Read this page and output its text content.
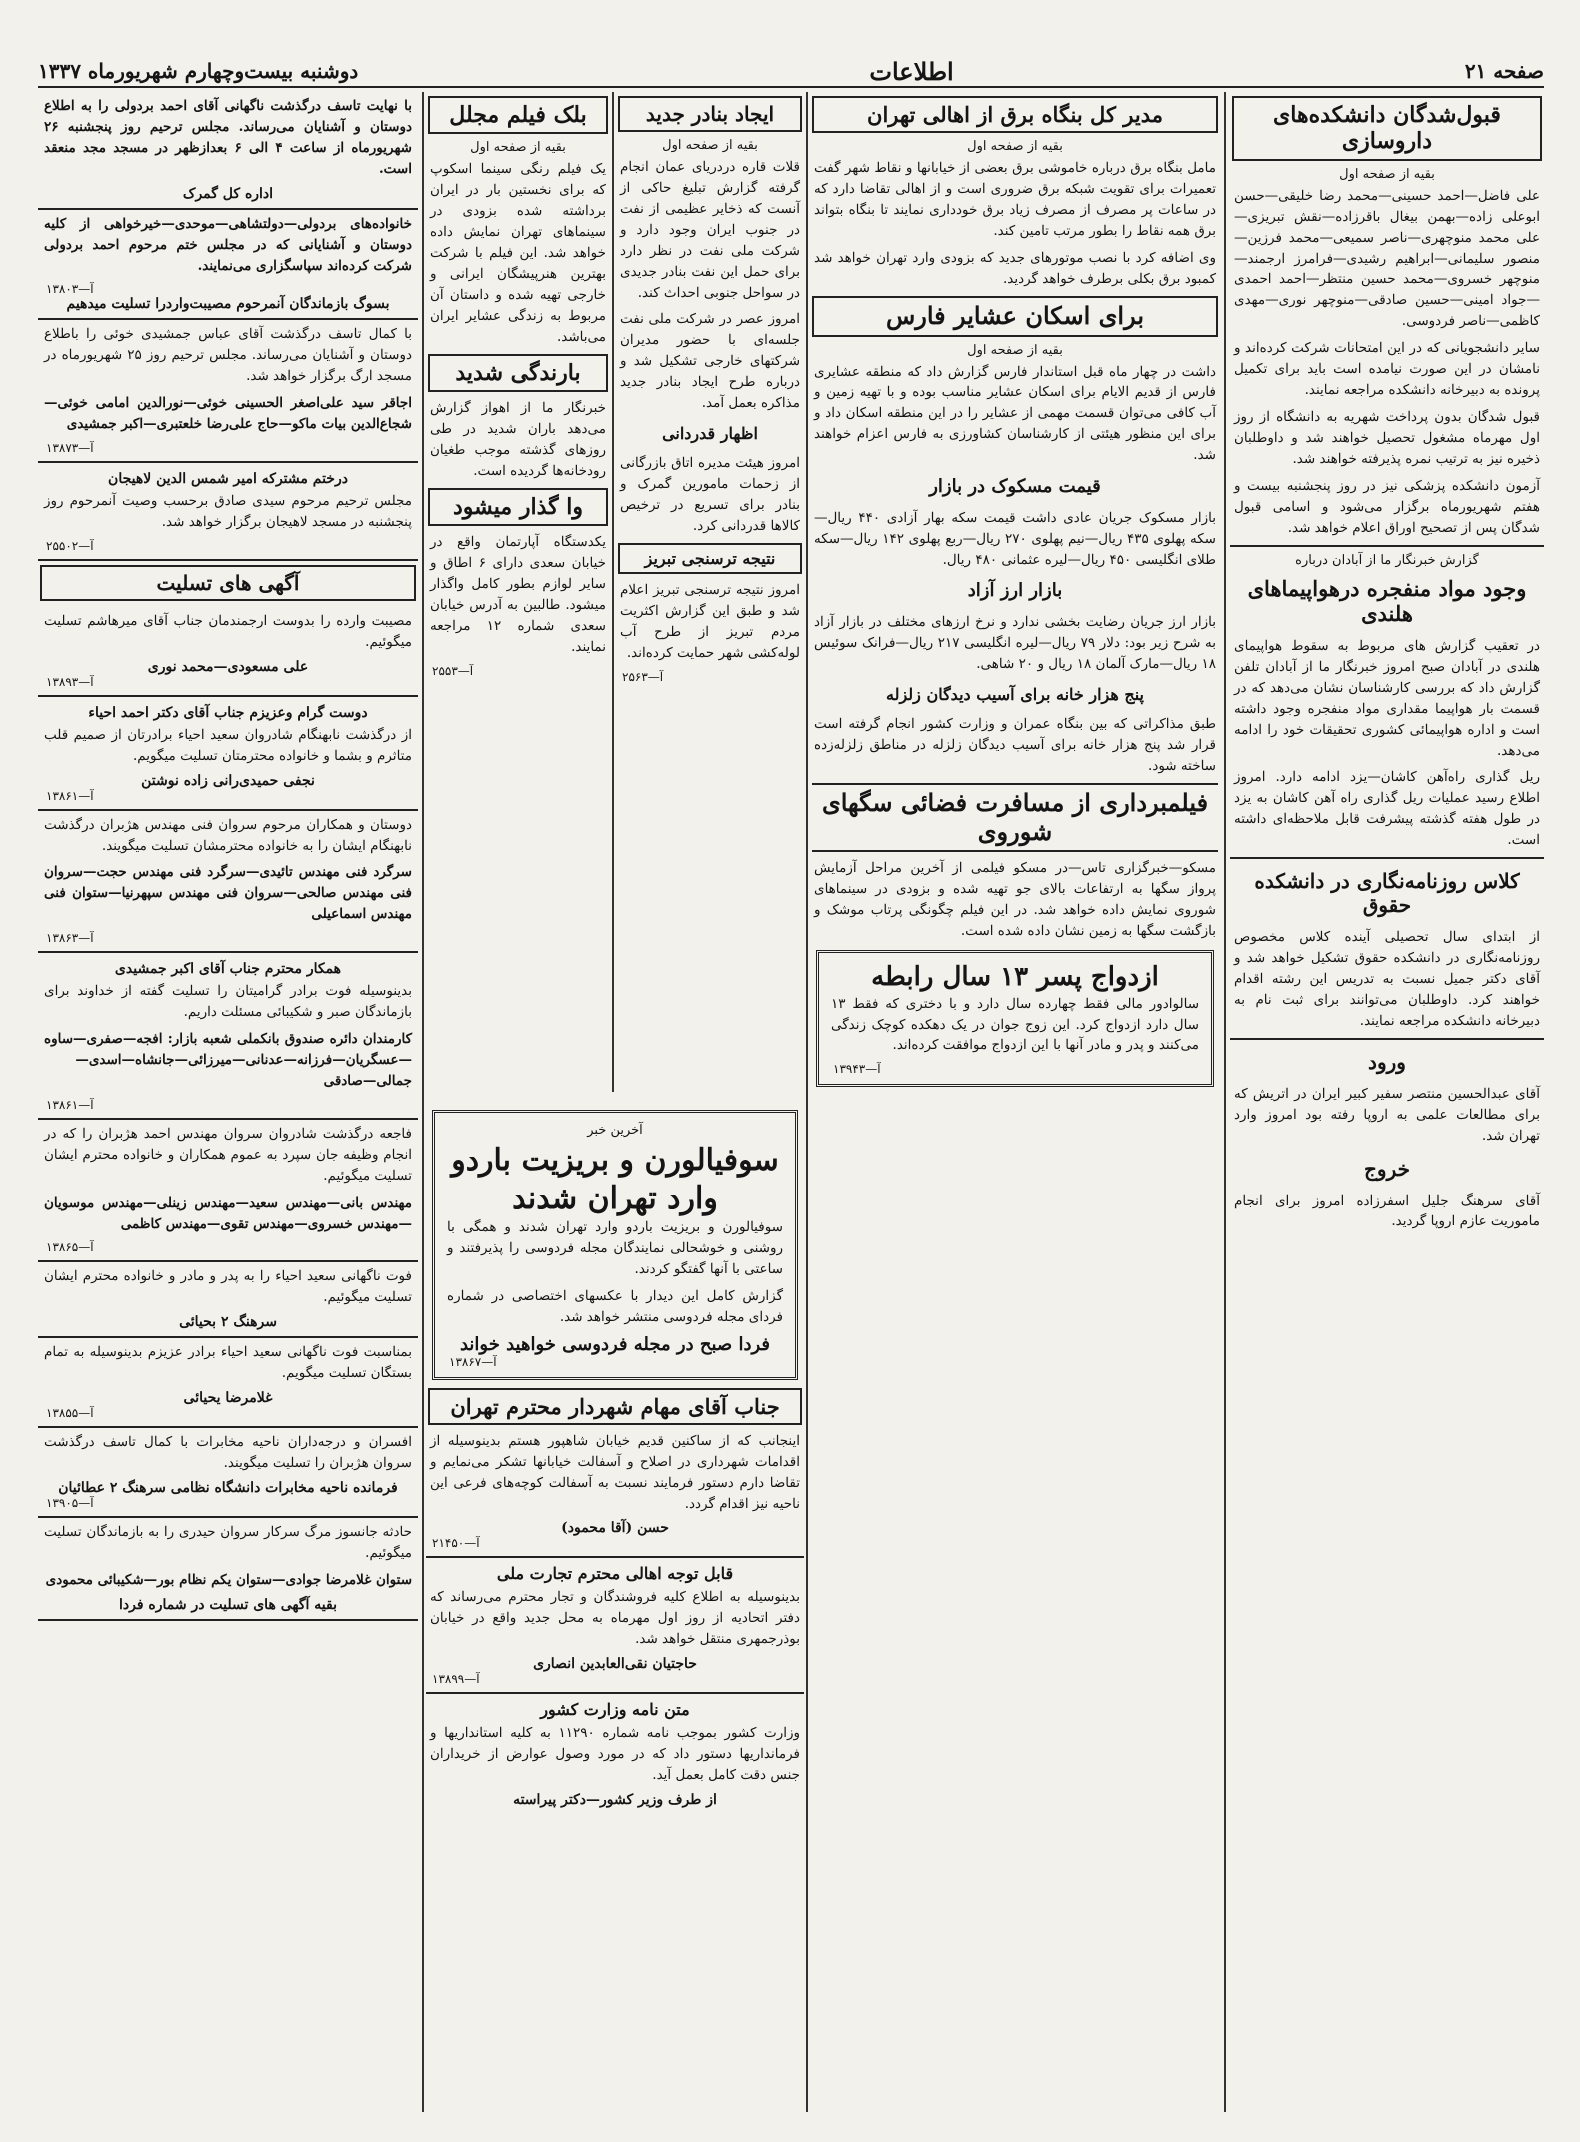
صفحه ۲۱
اطلاعات
دوشنبه بیست‌وچهارم شهریورماه ۱۳۳۷
قبول‌شدگان دانشکده‌های داروسازی
بقیه از صفحه اول

علی فاضل—احمد حسینی—محمد رضا خلیقی—حسن ابوعلی زاده—بهمن بیغال باقرزاده—نقش تبریزی—علی محمد منوچهری—ناصر سمیعی—محمد فرزین—منصور سلیمانی—ابراهیم رشیدی—فرامرز ارجمند—منوچهر خسروی—محمد حسین منتظر—احمد احمدی—جواد امینی—حسین صادقی—منوچهر نوری—مهدی کاظمی—ناصر فردوسی.

سایر دانشجویانی که در این امتحانات شرکت کرده‌اند و نامشان در این صورت نیامده است باید برای تکمیل پرونده به دبیرخانه دانشکده مراجعه نمایند.

قبول شدگان بدون پرداخت شهریه به دانشگاه از روز اول مهرماه مشغول تحصیل خواهند شد و داوطلبان ذخیره نیز به ترتیب نمره پذیرفته خواهند شد.

آزمون دانشکده پزشکی نیز در روز پنجشنبه بیست و هفتم شهریورماه برگزار می‌شود و اسامی قبول شدگان پس از تصحیح اوراق اعلام خواهد شد.

گزارش خبرنگار ما از آبادان درباره
وجود مواد منفجره درهواپیماهای هلندی

در تعقیب گزارش های مربوط به سقوط هواپیمای هلندی در آبادان صبح امروز خبرنگار ما از آبادان تلفن گزارش داد که بررسی کارشناسان نشان می‌دهد که در قسمت بار هواپیما مقداری مواد منفجره وجود داشته است و اداره هواپیمائی کشوری تحقیقات خود را ادامه می‌دهد.

ریل گذاری راه‌آهن کاشان—یزد ادامه دارد. امروز اطلاع رسید عملیات ریل گذاری راه آهن کاشان به یزد در طول هفته گذشته پیشرفت قابل ملاحظه‌ای داشته است.

کلاس روزنامه‌نگاری در دانشکده حقوق

از ابتدای سال تحصیلی آینده کلاس مخصوص روزنامه‌نگاری در دانشکده حقوق تشکیل خواهد شد و آقای دکتر جمیل نسبت به تدریس این رشته اقدام خواهند کرد. داوطلبان می‌توانند برای ثبت نام به دبیرخانه دانشکده مراجعه نمایند.

ورود

آقای عبدالحسین منتصر سفیر کبیر ایران در اتریش که برای مطالعات علمی به اروپا رفته بود امروز وارد تهران شد.

خروج

آقای سرهنگ جلیل اسفرزاده امروز برای انجام ماموریت عازم اروپا گردید.

مدیر کل بنگاه برق از اهالی تهران
بقیه از صفحه اول

مامل بنگاه برق درباره خاموشی برق بعضی از خیابانها و نقاط شهر گفت تعمیرات برای تقویت شبکه برق ضروری است و از اهالی تقاضا دارد که در ساعات پر مصرف از مصرف زیاد برق خودداری نمایند تا بنگاه بتواند برق همه نقاط را بطور مرتب تامین کند.

وی اضافه کرد با نصب موتورهای جدید که بزودی وارد تهران خواهد شد کمبود برق بکلی برطرف خواهد گردید.

برای اسکان عشایر فارس
بقیه از صفحه اول

داشت در چهار ماه قبل استاندار فارس گزارش داد که منطقه عشایری فارس از قدیم الایام برای اسکان عشایر مناسب بوده و با تهیه زمین و آب کافی می‌توان قسمت مهمی از عشایر را در این منطقه اسکان داد و برای این منظور هیئتی از کارشناسان کشاورزی به فارس اعزام خواهند شد.

قیمت مسکوک در بازار

بازار مسکوک جریان عادی داشت قیمت سکه بهار آزادی ۴۴۰ ریال—سکه پهلوی ۴۳۵ ریال—نیم پهلوی ۲۷۰ ریال—ربع پهلوی ۱۴۲ ریال—سکه طلای انگلیسی ۴۵۰ ریال—لیره عثمانی ۴۸۰ ریال.

بازار ارز آزاد

بازار ارز جریان رضایت بخشی ندارد و نرخ ارزهای مختلف در بازار آزاد به شرح زیر بود: دلار ۷۹ ریال—لیره انگلیسی ۲۱۷ ریال—فرانک سوئیس ۱۸ ریال—مارک آلمان ۱۸ ریال و ۲۰ شاهی.

پنج هزار خانه برای آسیب دیدگان زلزله

طبق مذاکراتی که بین بنگاه عمران و وزارت کشور انجام گرفته است قرار شد پنج هزار خانه برای آسیب دیدگان زلزله در مناطق زلزله‌زده ساخته شود.

فیلمبرداری از مسافرت فضائی سگهای شوروی

مسکو—خبرگزاری تاس—در مسکو فیلمی از آخرین مراحل آزمایش پرواز سگها به ارتفاعات بالای جو تهیه شده و بزودی در سینماهای شوروی نمایش داده خواهد شد. در این فیلم چگونگی پرتاب موشک و بازگشت سگها به زمین نشان داده شده است.

ازدواج پسر ۱۳ سال رابطه

سالوادور مالی فقط چهارده سال دارد و با دختری که فقط ۱۳ سال دارد ازدواج کرد. این زوج جوان در یک دهکده کوچک زندگی می‌کنند و پدر و مادر آنها با این ازدواج موافقت کرده‌اند.

آ—۱۳۹۴۳
ایجاد بنادر جدید
بقیه از صفحه اول

قلات قاره دردریای عمان انجام گرفته گزارش تبلیغ حاکی از آنست که ذخایر عظیمی از نفت در جنوب ایران وجود دارد و شرکت ملی نفت در نظر دارد برای حمل این نفت بنادر جدیدی در سواحل جنوبی احداث کند.

امروز عصر در شرکت ملی نفت جلسه‌ای با حضور مدیران شرکتهای خارجی تشکیل شد و درباره طرح ایجاد بنادر جدید مذاکره بعمل آمد.

اظهار قدردانی

امروز هیئت مدیره اتاق بازرگانی از زحمات مامورین گمرک و بنادر برای تسریع در ترخیص کالاها قدردانی کرد.

نتیجه ترسنجی تبریز

امروز نتیجه ترسنجی تبریز اعلام شد و طبق این گزارش اکثریت مردم تبریز از طرح آب لوله‌کشی شهر حمایت کرده‌اند.

آ—۲۵۶۳
بلک فیلم مجلل
بقیه از صفحه اول

یک فیلم رنگی سینما اسکوپ که برای نخستین بار در ایران برداشته شده بزودی در سینماهای تهران نمایش داده خواهد شد. این فیلم با شرکت بهترین هنرپیشگان ایرانی و خارجی تهیه شده و داستان آن مربوط به زندگی عشایر ایران می‌باشد.

بارندگی شدید

خبرنگار ما از اهواز گزارش می‌دهد باران شدید در طی روزهای گذشته موجب طغیان رودخانه‌ها گردیده است.

وا گذار میشود

یکدستگاه آپارتمان واقع در خیابان سعدی دارای ۶ اطاق و سایر لوازم بطور کامل واگذار میشود. طالبین به آدرس خیابان سعدی شماره ۱۲ مراجعه نمایند.

آ—۲۵۵۳
آخرین خبر
سوفیالورن و بریزیت باردو
وارد تهران شدند

سوفیالورن و بریزیت باردو وارد تهران شدند و همگی با روشنی و خوشحالی نمایندگان مجله فردوسی را پذیرفتند و ساعتی با آنها گفتگو کردند.

گزارش کامل این دیدار با عکسهای اختصاصی در شماره فردای مجله فردوسی منتشر خواهد شد.

فردا صبح در مجله فردوسی خواهید خواند
آ—۱۳۸۶۷
جناب آقای مهام شهردار محترم تهران

اینجانب که از ساکنین قدیم خیابان شاهپور هستم بدینوسیله از اقدامات شهرداری در اصلاح و آسفالت خیابانها تشکر می‌نمایم و تقاضا دارم دستور فرمایند نسبت به آسفالت کوچه‌های فرعی این ناحیه نیز اقدام گردد.

حسن (آقا محمود)
آ—۲۱۴۵۰
قابل توجه اهالی محترم تجارت ملی

بدینوسیله به اطلاع کلیه فروشندگان و تجار محترم می‌رساند که دفتر اتحادیه از روز اول مهرماه به محل جدید واقع در خیابان بوذرجمهری منتقل خواهد شد.

حاجتیان نقی‌العابدین انصاری
آ—۱۳۸۹۹
متن نامه وزارت کشور

وزارت کشور بموجب نامه شماره ۱۱۲۹۰ به کلیه استانداریها و فرمانداریها دستور داد که در مورد وصول عوارض از خریداران جنس دقت کامل بعمل آید.

از طرف وزیر کشور—دکتر پیراسته

با نهایت تاسف درگذشت ناگهانی آقای احمد بردولی را به اطلاع دوستان و آشنایان می‌رساند. مجلس ترحیم روز پنجشنبه ۲۶ شهریورماه از ساعت ۴ الی ۶ بعدازظهر در مسجد مجد منعقد است.

اداره کل گمرک

خانواده‌های بردولی—دولتشاهی—موحدی—خیرخواهی از کلیه دوستان و آشنایانی که در مجلس ختم مرحوم احمد بردولی شرکت کرده‌اند سپاسگزاری می‌نمایند.

آ—۱۳۸۰۳
بسوگ بازماندگان آنمرحوم مصیبت‌واردرا تسلیت میدهیم

با کمال تاسف درگذشت آقای عباس جمشیدی خوئی را باطلاع دوستان و آشنایان می‌رساند. مجلس ترحیم روز ۲۵ شهریورماه در مسجد ارگ برگزار خواهد شد.

اجاقر سید علی‌اصغر الحسینی خوئی—نورالدین امامی خوئی—شجاع‌الدین بیات ماکو—حاج علی‌رضا خلعتبری—اکبر جمشیدی

آ—۱۳۸۷۳
درختم مشترکه امیر شمس الدین لاهیجان

مجلس ترحیم مرحوم سیدی صادق برحسب وصیت آنمرحوم روز پنجشنبه در مسجد لاهیجان برگزار خواهد شد.

آ—۲۵۵۰۲
آگهی های تسلیت

مصیبت وارده را بدوست ارجمندمان جناب آقای میرهاشم تسلیت میگوئیم.

علی مسعودی—محمد نوری
آ—۱۳۸۹۳
دوست گرام وعزیزم جناب آقای دکتر احمد احیاء

از درگذشت نابهنگام شادروان سعید احیاء برادرتان از صمیم قلب متاثرم و بشما و خانواده محترمتان تسلیت میگویم.

نجفی حمیدی‌رانی زاده نوشتن
آ—۱۳۸۶۱

دوستان و همکاران مرحوم سروان فنی مهندس هژبران درگذشت نابهنگام ایشان را به خانواده محترمشان تسلیت میگویند.

سرگرد فنی مهندس تائیدی—سرگرد فنی مهندس حجت—سروان فنی مهندس صالحی—سروان فنی مهندس سپهرنیا—ستوان فنی مهندس اسماعیلی

آ—۱۳۸۶۳
همکار محترم جناب آقای اکبر جمشیدی

بدینوسیله فوت برادر گرامیتان را تسلیت گفته از خداوند برای بازماندگان صبر و شکیبائی مسئلت داریم.

کارمندان دائره صندوق بانکملی شعبه بازار: افجه—صفری—ساوه—عسگریان—فرزانه—عدنانی—میرزائی—جانشاه—اسدی—جمالی—صادقی

آ—۱۳۸۶۱

فاجعه درگذشت شادروان سروان مهندس احمد هژبران را که در انجام وظیفه جان سپرد به عموم همکاران و خانواده محترم ایشان تسلیت میگوئیم.

مهندس بانی—مهندس سعید—مهندس زینلی—مهندس موسویان—مهندس خسروی—مهندس تقوی—مهندس کاظمی

آ—۱۳۸۶۵

فوت ناگهانی سعید احیاء را به پدر و مادر و خانواده محترم ایشان تسلیت میگوئیم.

سرهنگ ۲ بحیائی

بمناسبت فوت ناگهانی سعید احیاء برادر عزیزم بدینوسیله به تمام بستگان تسلیت میگویم.

غلامرضا یحیائی
آ—۱۳۸۵۵

افسران و درجه‌داران ناحیه مخابرات با کمال تاسف درگذشت سروان هژبران را تسلیت میگویند.

فرمانده ناحیه مخابرات دانشگاه نظامی سرهنگ ۲ عطائیان
آ—۱۳۹۰۵

حادثه جانسوز مرگ سرکار سروان حیدری را به بازماندگان تسلیت میگوئیم.

ستوان غلامرضا جوادی—ستوان یکم نظام بور—شکیبائی محمودی

بقیه آگهی های تسلیت در شماره فردا
